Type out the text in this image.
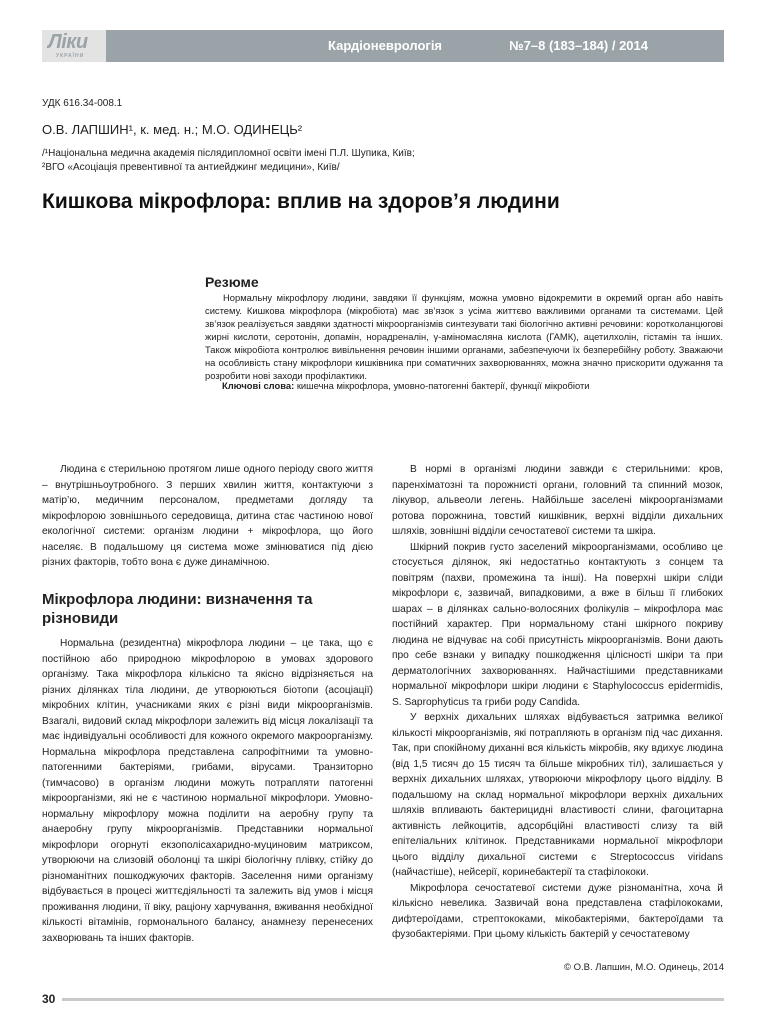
Ліки
УКРАЇНИ
Кардіоневрологія	№7–8 (183–184) / 2014
УДК 616.34-008.1
О.В. ЛАПШИН¹, к. мед. н.; М.О. ОДИНЕЦЬ²
/¹Національна медична академія післядипломної освіти імені П.Л. Шупика, Київ;
²ВГО «Асоціація превентивної та антиейджинг медицини», Київ/
Кишкова мікрофлора: вплив на здоров’я людини
Резюме

Нормальну мікрофлору людини, завдяки її функціям, можна умовно відокремити в окремий орган або навіть систему. Кишкова мікрофлора (мікробіота) має зв’язок з усіма життєво важливими органами та системами. Цей зв’язок реалізується завдяки здатності мікроорганізмів синтезувати такі біологічно активні речовини: коротколанцюгові жирні кислоти, серотонін, допамін, норадреналін, γ-аміномасляна кислота (ГАМК), ацетилхолін, гістамін та інших. Також мікробіота контролює вивільнення речовин іншими органами, забезпечуючи їх безперебійну роботу. Зважаючи на особливість стану мікрофлори кишківника при соматичних захворюваннях, можна значно прискорити одужання та розробити нові заходи профілактики.

Ключові слова: кишечна мікрофлора, умовно-патогенні бактерії, функції мікробіоти

Людина є стерильною протягом лише одного періоду свого життя – внутрішньоутробного. З перших хвилин життя, контактуючи з матір’ю, медичним персоналом, предметами догляду та мікрофлорою зовнішнього середовища, дитина стає частиною нової екологічної системи: організм людини + мікрофлора, що його населяє. В подальшому ця система може змінюватися під дією різних факторів, тобто вона є дуже динамічною.

Мікрофлора людини: визначення та різновиди

Нормальна (резидентна) мікрофлора людини – це така, що є постійною або природною мікрофлорою в умовах здорового організму. Така мікрофлора кількісно та якісно відрізняється на різних ділянках тіла людини, де утворюються біотопи (асоціації) мікробних клітин, учасниками яких є різні види мікроорганізмів. Взагалі, видовий склад мікрофлори залежить від місця локалізації та має індивідуальні особливості для кожного окремого макроорганізму. Нормальна мікрофлора представлена сапрофітними та умовно-патогенними бактеріями, грибами, вірусами. Транзиторно (тимчасово) в організм людини можуть потрапляти патогенні мікроорганізми, які не є частиною нормальної мікрофлори. Умовно-нормальну мікрофлору можна поділити на аеробну групу та анаеробну групу мікроорганізмів. Представники нормальної мікрофлори огорнуті екзополісахаридно-муциновим матриксом, утворюючи на слизовій оболонці та шкірі біологічну плівку, стійку до різноманітних пошкоджуючих факторів. Заселення ними організму відбувається в процесі життєдіяльності та залежить від умов і місця проживання людини, її віку, раціону харчування, вживання необхідної кількості вітамінів, гормонального балансу, анамнезу перенесених захворювань та інших факторів.

В нормі в організмі людини завжди є стерильними: кров, паренхіматозні та порожнисті органи, головний та спинний мозок, лікувор, альвеоли легень. Найбільше заселені мікроорганізмами ротова порожнина, товстий кишківник, верхні відділи дихальних шляхів, зовнішні відділи сечостатевої системи та шкіра.

Шкірний покрив густо заселений мікроорганізмами, особливо це стосується ділянок, які недостатньо контактують з сонцем та повітрям (пахви, промежина та інші). На поверхні шкіри сліди мікрофлори є, зазвичай, випадковими, а вже в більш її глибоких шарах – в ділянках сально-волосяних фолікулів – мікрофлора має постійний характер. При нормальному стані шкірного покриву людина не відчуває на собі присутність мікроорганізмів. Вони дають про себе взнаки у випадку пошкодження цілісності шкіри та при дерматологічних захворюваннях. Найчастішими представниками нормальної мікрофлори шкіри людини є Staphylococcus epidermidis, S. Saprophyticus та гриби роду Candida.

У верхніх дихальних шляхах відбувається затримка великої кількості мікроорганізмів, які потрапляють в організм під час дихання. Так, при спокійному диханні вся кількість мікробів, яку вдихує людина (від 1,5 тисяч до 15 тисяч та більше мікробних тіл), залишається у верхніх дихальних шляхах, утворюючи мікрофлору цього відділу. В подальшому на склад нормальної мікрофлори верхніх дихальних шляхів впливають бактерицидні властивості слини, фагоцитарна активність лейкоцитів, адсорбційні властивості слизу та вій епітеліальних клітинок. Представниками нормальної мікрофлори цього відділу дихальної системи є Streptococcus viridans (найчастіше), нейсерії, коринебактерії та стафілококи.

Мікрофлора сечостатевої системи дуже різноманітна, хоча й кількісно невелика. Зазвичай вона представлена стафілококами, дифтероїдами, стрептококами, мікобактеріями, бактероїдами та фузобактеріями. При цьому кількість бактерій у сечостатевому

© О.В. Лапшин, М.О. Одинець, 2014
30
